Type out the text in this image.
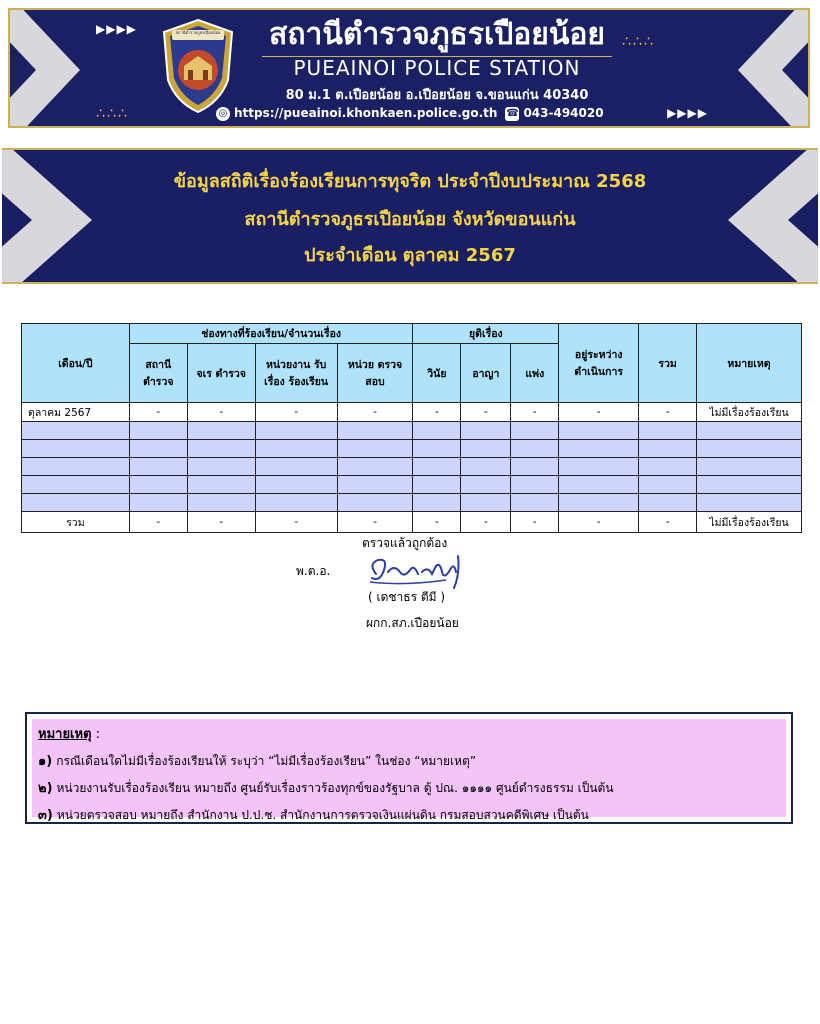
▶▶▶▶
▶▶▶▶
∴∴∴
∴∴∴
สถานีตำรวจภูธรเปือยน้อย	สถานีตำรวจภูธรเปือยน้อย
PUEAINOI POLICE STATION
80 ม.1 ต.เปือยน้อย อ.เปือยน้อย จ.ขอนแก่น 40340
◎ https://pueainoi.khonkaen.police.go.th ☎ 043-494020
ข้อมูลสถิติเรื่องร้องเรียนการทุจริต ประจำปีงบประมาณ 2568
สถานีตำรวจภูธรเปือยน้อย จังหวัดขอนแก่น
ประจำเดือน ตุลาคม 2567
เดือน/ปี	ช่องทางที่ร้องเรียน/จำนวนเรื่อง				ยุติเรื่อง			อยู่ระหว่าง ดำเนินการ	รวม	หมายเหตุ
	สถานี ตำรวจ	จเร ตำรวจ	หน่วยงาน รับเรื่อง ร้องเรียน	หน่วย ตรวจสอบ	วินัย	อาญา	แพ่ง			
ตุลาคม 2567	-	-	-	-	-	-	-	-	-	ไม่มีเรื่องร้องเรียน

รวม	-	-	-	-	-	-	-	-	-	ไม่มีเรื่องร้องเรียน
ตรวจแล้วถูกต้อง
พ.ต.อ.
( เดชาธร ตีมี )
ผกก.สภ.เปือยน้อย
หมายเหตุ :
๑) กรณีเดือนใดไม่มีเรื่องร้องเรียนให้ ระบุว่า “ไม่มีเรื่องร้องเรียน” ในช่อง “หมายเหตุ”
๒) หน่วยงานรับเรื่องร้องเรียน หมายถึง ศูนย์รับเรื่องราวร้องทุกข์ของรัฐบาล ตู้ ปณ. ๑๑๑๑ ศูนย์ดำรงธรรม เป็นต้น
๓) หน่วยตรวจสอบ หมายถึง สำนักงาน ป.ป.ช. สำนักงานการตรวจเงินแผ่นดิน กรมสอบสวนคดีพิเศษ เป็นต้น
